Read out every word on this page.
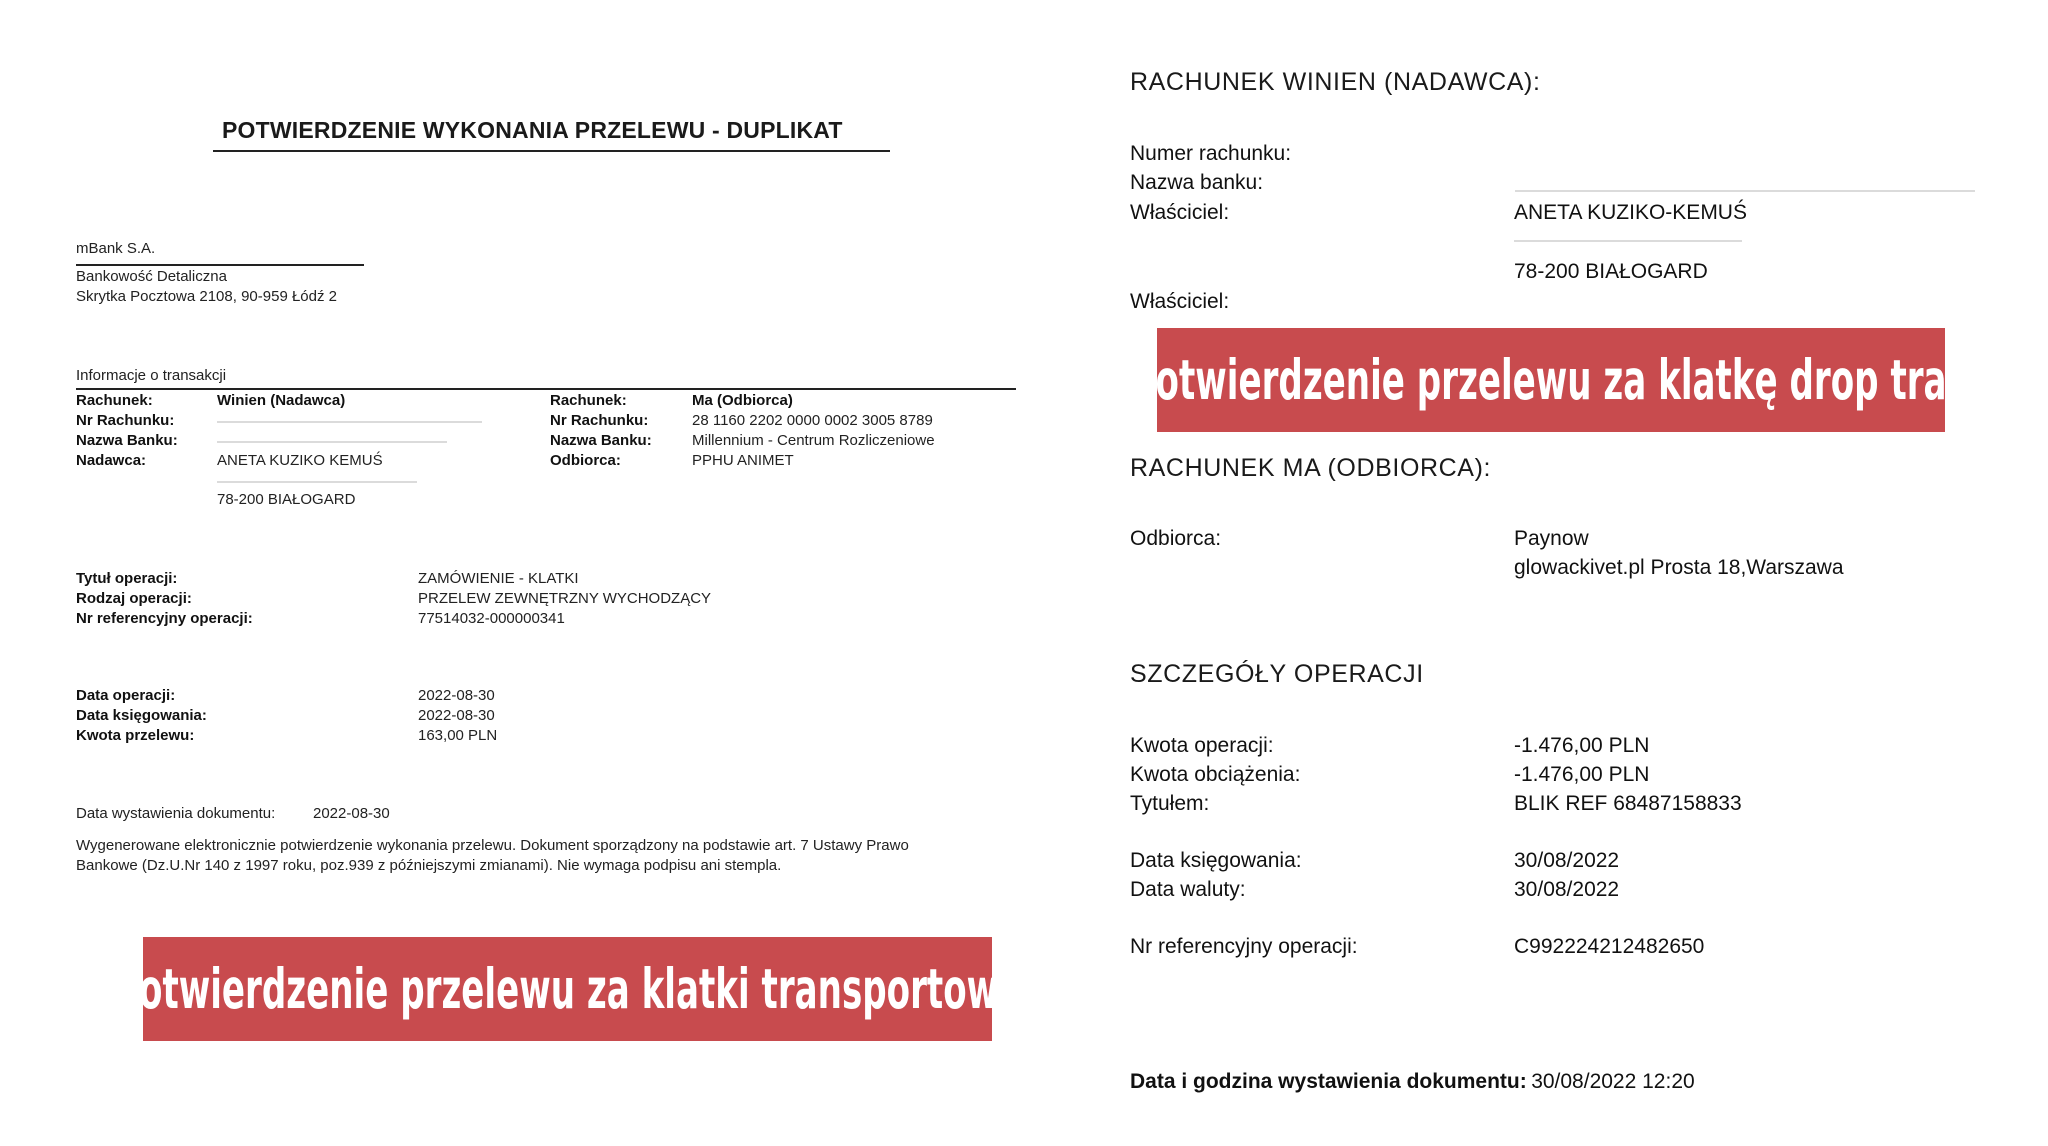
POTWIERDZENIE WYKONANIA PRZELEWU - DUPLIKAT
mBank S.A.
Bankowość Detaliczna
Skrytka Pocztowa 2108, 90-959 Łódź 2
Informacje o transakcji
Rachunek:	Winien (Nadawca)
Nr Rachunku:
Nazwa Banku:
Nadawca:	ANETA KUZIKO KEMUŚ
78-200 BIAŁOGARD
Rachunek:	Ma (Odbiorca)
Nr Rachunku:	28 1160 2202 0000 0002 3005 8789
Nazwa Banku:	Millennium - Centrum Rozliczeniowe
Odbiorca:	PPHU ANIMET
Tytuł operacji:	ZAMÓWIENIE - KLATKI
Rodzaj operacji:	PRZELEW ZEWNĘTRZNY WYCHODZĄCY
Nr referencyjny operacji:	77514032-000000341
Data operacji:	2022-08-30
Data księgowania:	2022-08-30
Kwota przelewu:	163,00 PLN
Data wystawienia dokumentu:	2022-08-30
Wygenerowane elektronicznie potwierdzenie wykonania przelewu. Dokument sporządzony na podstawie art. 7 Ustawy Prawo
Bankowe (Dz.U.Nr 140 z 1997 roku, poz.939 z późniejszymi zmianami). Nie wymaga podpisu ani stempla.
Potwierdzenie przelewu za klatki transportowe
RACHUNEK WINIEN (NADAWCA):
Numer rachunku:
Nazwa banku:
Właściciel:	ANETA KUZIKO-KEMUŚ
78-200 BIAŁOGARD
Właściciel:
Potwierdzenie przelewu za klatkę drop trap
RACHUNEK MA (ODBIORCA):
Odbiorca:	Paynow
glowackivet.pl Prosta 18,Warszawa
SZCZEGÓŁY OPERACJI
Kwota operacji:	-1.476,00 PLN
Kwota obciążenia:	-1.476,00 PLN
Tytułem:	BLIK REF 68487158833
Data księgowania:	30/08/2022
Data waluty:	30/08/2022
Nr referencyjny operacji:	C992224212482650
Data i godzina wystawienia dokumentu: 30/08/2022 12:20
